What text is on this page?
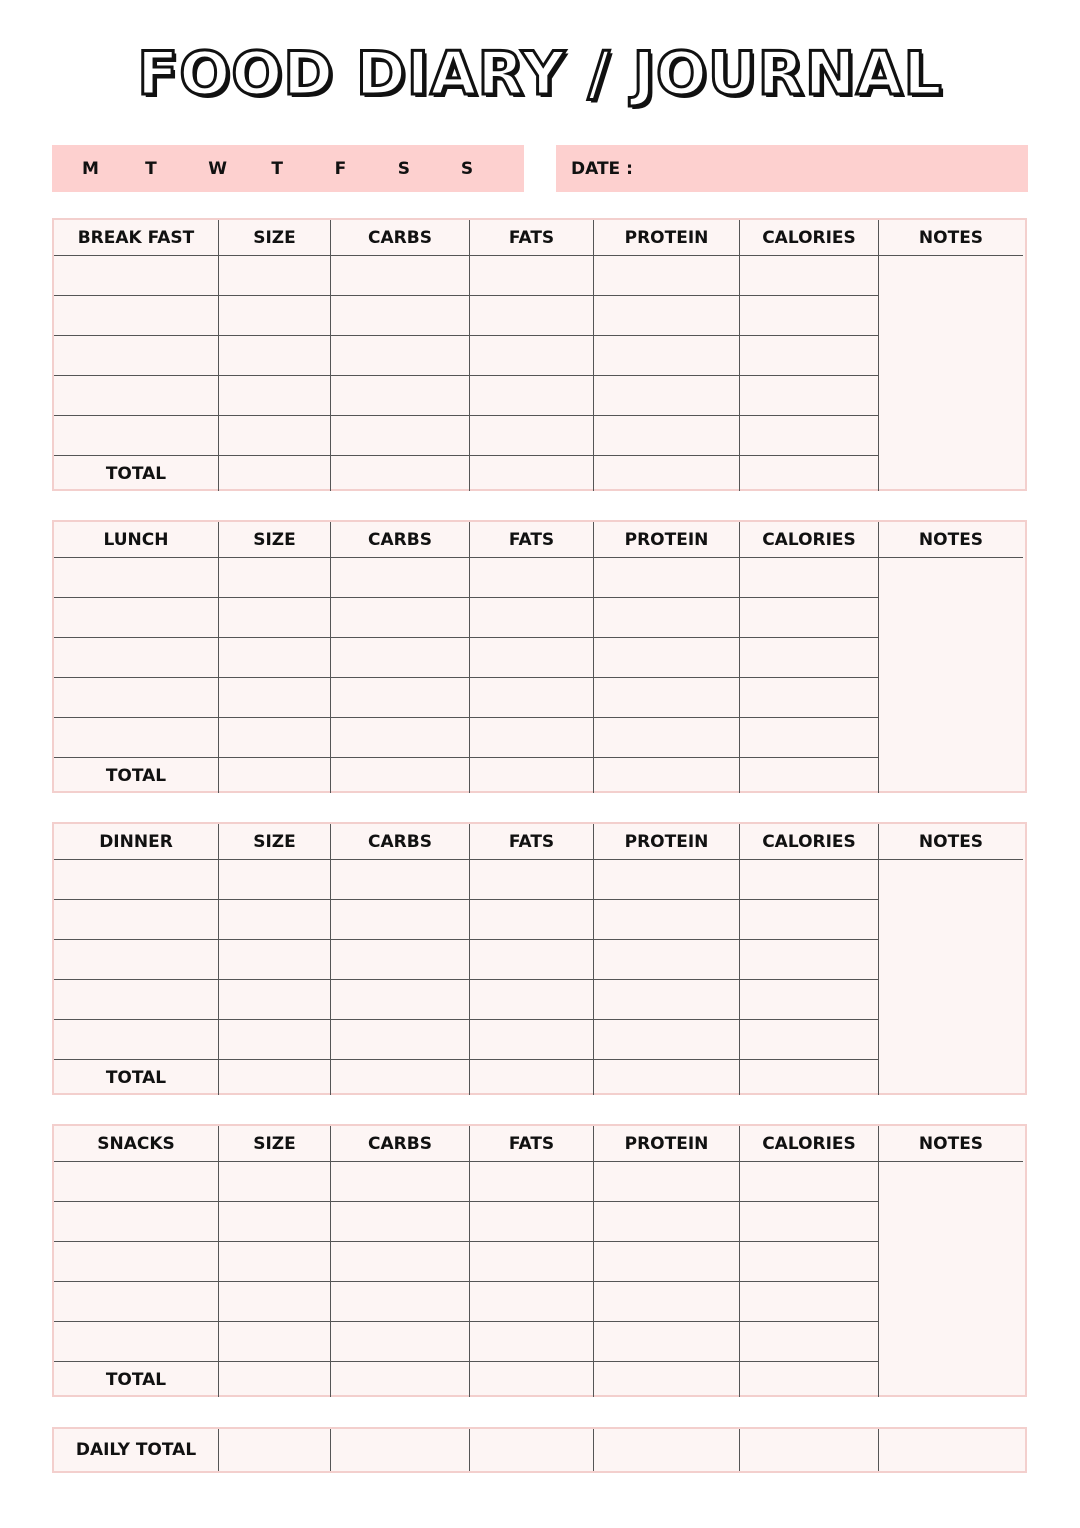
FOOD DIARY / JOURNAL
M	T	W	T	F	S	S	DATE :
BREAK FAST	SIZE	CARBS	FATS	PROTEIN	CALORIES	NOTES
TOTAL
LUNCH	SIZE	CARBS	FATS	PROTEIN	CALORIES	NOTES
TOTAL
DINNER	SIZE	CARBS	FATS	PROTEIN	CALORIES	NOTES
TOTAL
SNACKS	SIZE	CARBS	FATS	PROTEIN	CALORIES	NOTES
TOTAL
DAILY TOTAL
